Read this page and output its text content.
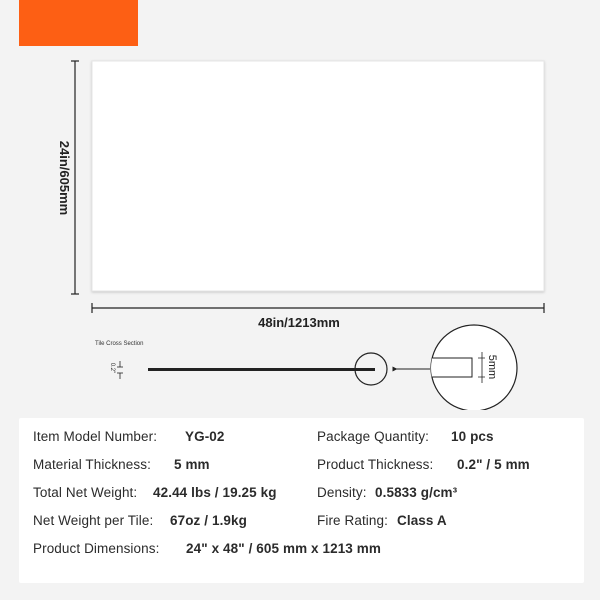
24in/605mm
48in/1213mm
Tile Cross Section
0.2"	5mm
Item Model Number: YG-02	Package Quantity: 10 pcs
Material Thickness: 5 mm	Product Thickness: 0.2" / 5 mm
Total Net Weight: 42.44 lbs / 19.25 kg	Density: 0.5833 g/cm³
Net Weight per Tile: 67oz / 1.9kg	Fire Rating: Class A
Product Dimensions: 24" x 48" / 605 mm x 1213 mm
